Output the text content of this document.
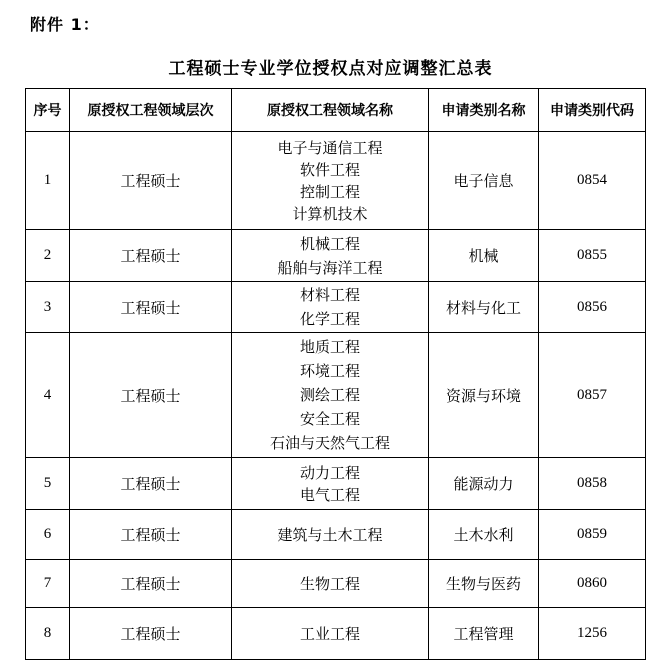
附件 1：
工程硕士专业学位授权点对应调整汇总表
序号	原授权工程领域层次	原授权工程领域名称	申请类别名称	申请类别代码
1	工程硕士	电子与通信工程
软件工程
控制工程
计算机技术	电子信息	0854
2	工程硕士	机械工程
船舶与海洋工程	机械	0855
3	工程硕士	材料工程
化学工程	材料与化工	0856
4	工程硕士	地质工程
环境工程
测绘工程
安全工程
石油与天然气工程	资源与环境	0857
5	工程硕士	动力工程
电气工程	能源动力	0858
6	工程硕士	建筑与土木工程	土木水利	0859
7	工程硕士	生物工程	生物与医药	0860
8	工程硕士	工业工程	工程管理	1256
